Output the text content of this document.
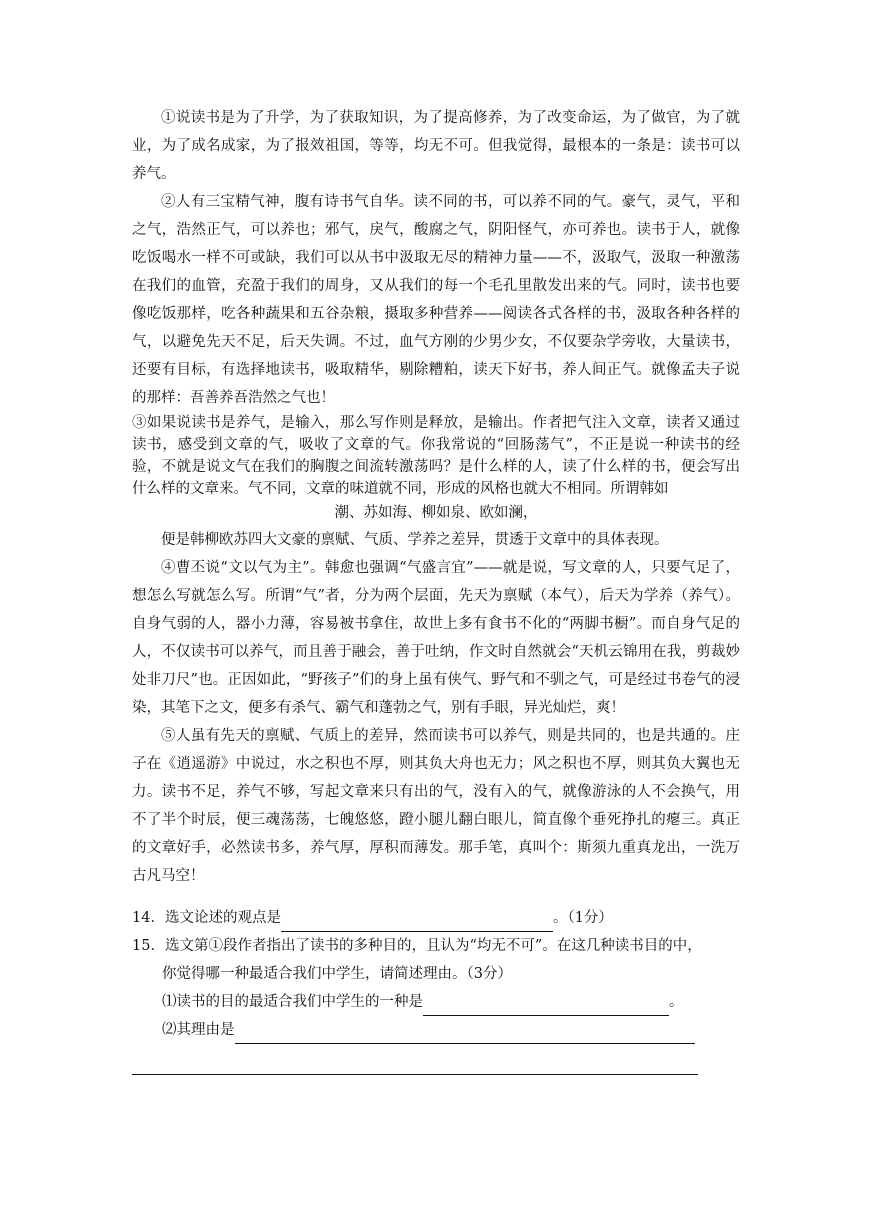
①说读书是为了升学，为了获取知识，为了提高修养，为了改变命运，为了做官，为了就业，为了成名成家，为了报效祖国，等等，均无不可。但我觉得，最根本的一条是：读书可以养气。

②人有三宝精气神，腹有诗书气自华。读不同的书，可以养不同的气。豪气，灵气，平和之气，浩然正气，可以养也；邪气，戾气，酸腐之气，阴阳怪气，亦可养也。读书于人，就像吃饭喝水一样不可或缺，我们可以从书中汲取无尽的精神力量——不，汲取气，汲取一种激荡在我们的血管，充盈于我们的周身，又从我们的每一个毛孔里散发出来的气。同时，读书也要像吃饭那样，吃各种蔬果和五谷杂粮，摄取多种营养——阅读各式各样的书，汲取各种各样的气，以避免先天不足，后天失调。不过，血气方刚的少男少女，不仅要杂学旁收，大量读书，还要有目标，有选择地读书，吸取精华，剔除糟粕，读天下好书，养人间正气。就像孟夫子说的那样：吾善养吾浩然之气也！

③如果说读书是养气，是输入，那么写作则是释放，是输出。作者把气注入文章，读者又通过读书，感受到文章的气，吸收了文章的气。你我常说的“回肠荡气”，不正是说一种读书的经验，不就是说文气在我们的胸腹之间流转激荡吗？是什么样的人，读了什么样的书，便会写出什么样的文章来。气不同，文章的味道就不同，形成的风格也就大不相同。所谓韩如

潮、苏如海、柳如泉、欧如澜，

便是韩柳欧苏四大文豪的禀赋、气质、学养之差异，贯透于文章中的具体表现。

④曹丕说“文以气为主”。韩愈也强调“气盛言宜”——就是说，写文章的人，只要气足了，想怎么写就怎么写。所谓“气”者，分为两个层面，先天为禀赋（本气），后天为学养（养气）。自身气弱的人，器小力薄，容易被书拿住，故世上多有食书不化的“两脚书橱”。而自身气足的人，不仅读书可以养气，而且善于融会，善于吐纳，作文时自然就会“天机云锦用在我，剪裁妙处非刀尺”也。正因如此，“野孩子”们的身上虽有侠气、野气和不驯之气，可是经过书卷气的浸染，其笔下之文，便多有杀气、霸气和蓬勃之气，别有手眼，异光灿烂，爽！

⑤人虽有先天的禀赋、气质上的差异，然而读书可以养气，则是共同的，也是共通的。庄子在《逍遥游》中说过，水之积也不厚，则其负大舟也无力；风之积也不厚，则其负大翼也无力。读书不足，养气不够，写起文章来只有出的气，没有入的气，就像游泳的人不会换气，用不了半个时辰，便三魂荡荡，七魄悠悠，蹬小腿儿翻白眼儿，简直像个垂死挣扎的瘪三。真正的文章好手，必然读书多，养气厚，厚积而薄发。那手笔，真叫个：斯须九重真龙出，一洗万古凡马空！

14．选文论述的观点是	。（1分）

15．选文第①段作者指出了读书的多种目的，且认为“均无不可”。在这几种读书目的中，

你觉得哪一种最适合我们中学生，请简述理由。（3分）

⑴读书的目的最适合我们中学生的一种是	。

⑵其理由是
